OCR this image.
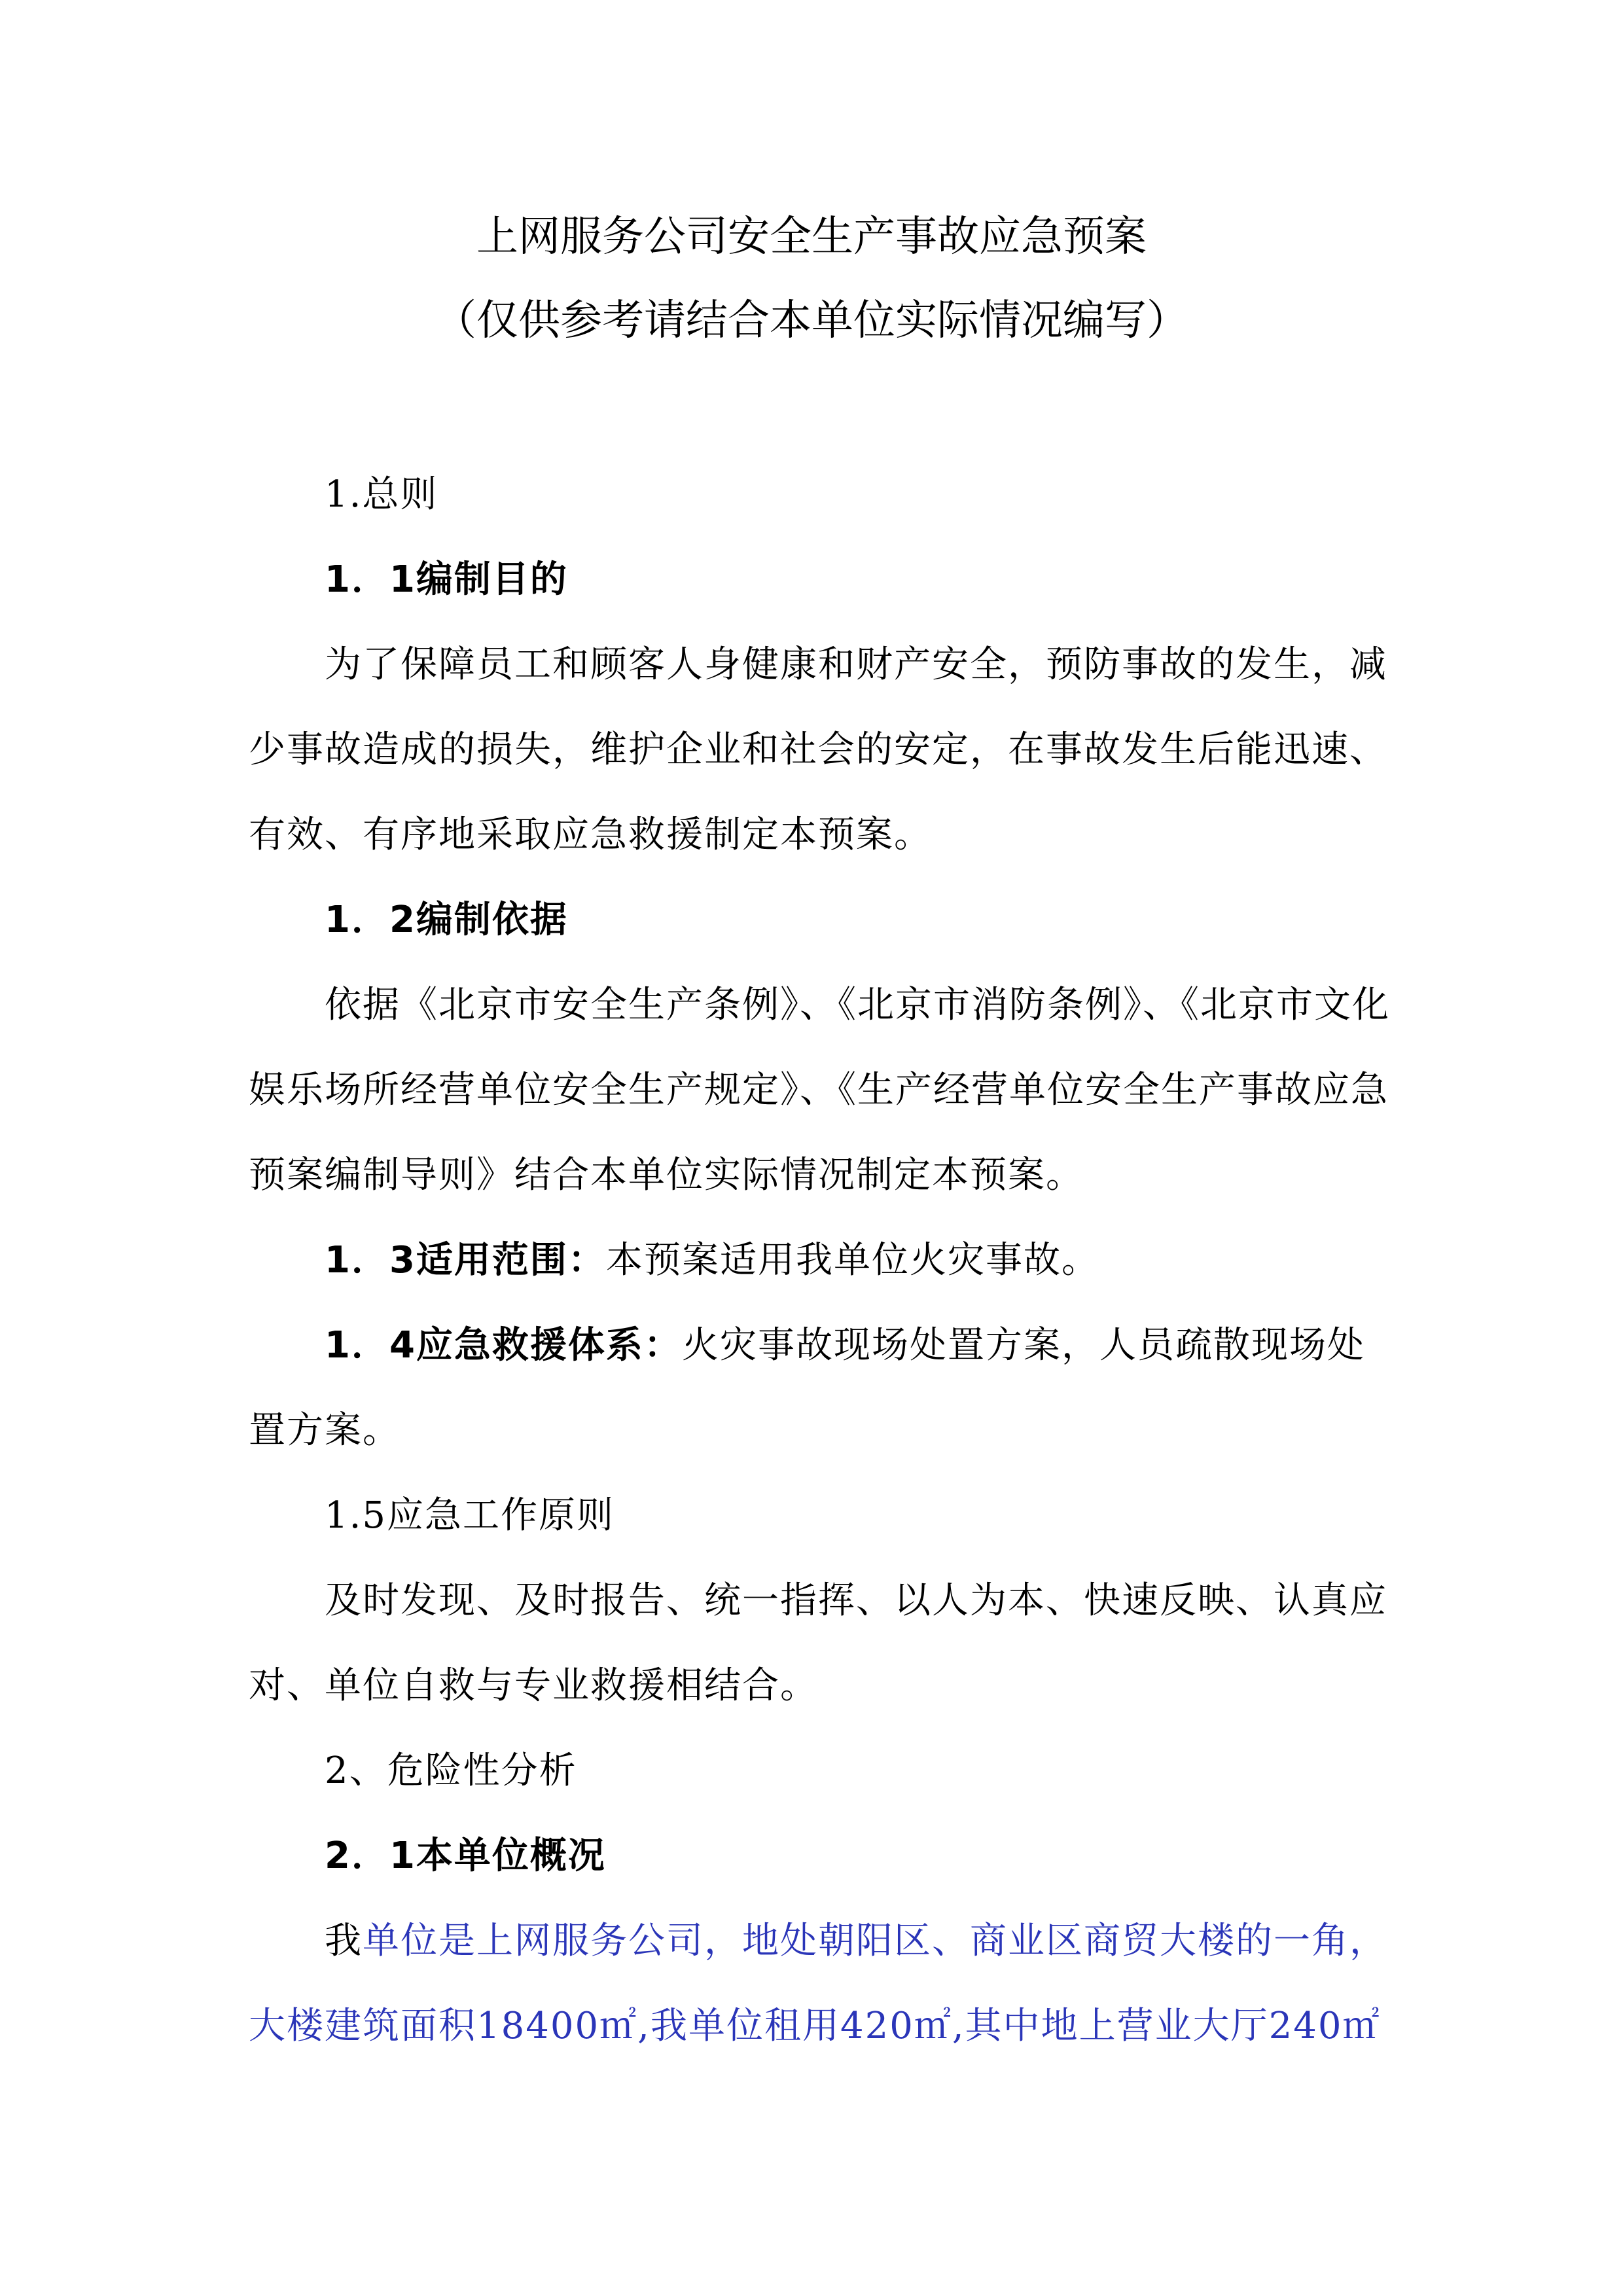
上网服务公司安全生产事故应急预案
（仅供参考请结合本单位实际情况编写）
1.总则
1．1编制目的
为了保障员工和顾客人身健康和财产安全，预防事故的发生，减
少事故造成的损失，维护企业和社会的安定，在事故发生后能迅速、
有效、有序地采取应急救援制定本预案。
1．2编制依据
依据《北京市安全生产条例》、《北京市消防条例》、《北京市文化
娱乐场所经营单位安全生产规定》、《生产经营单位安全生产事故应急
预案编制导则》结合本单位实际情况制定本预案。
1．3适用范围：本预案适用我单位火灾事故。
1．4应急救援体系：火灾事故现场处置方案，人员疏散现场处
置方案。
1.5应急工作原则
及时发现、及时报告、统一指挥、以人为本、快速反映、认真应
对、单位自救与专业救援相结合。
2、危险性分析
2．1本单位概况
我单位是上网服务公司，地处朝阳区、商业区商贸大楼的一角，
大楼建筑面积18400㎡,我单位租用420㎡,其中地上营业大厅240㎡
